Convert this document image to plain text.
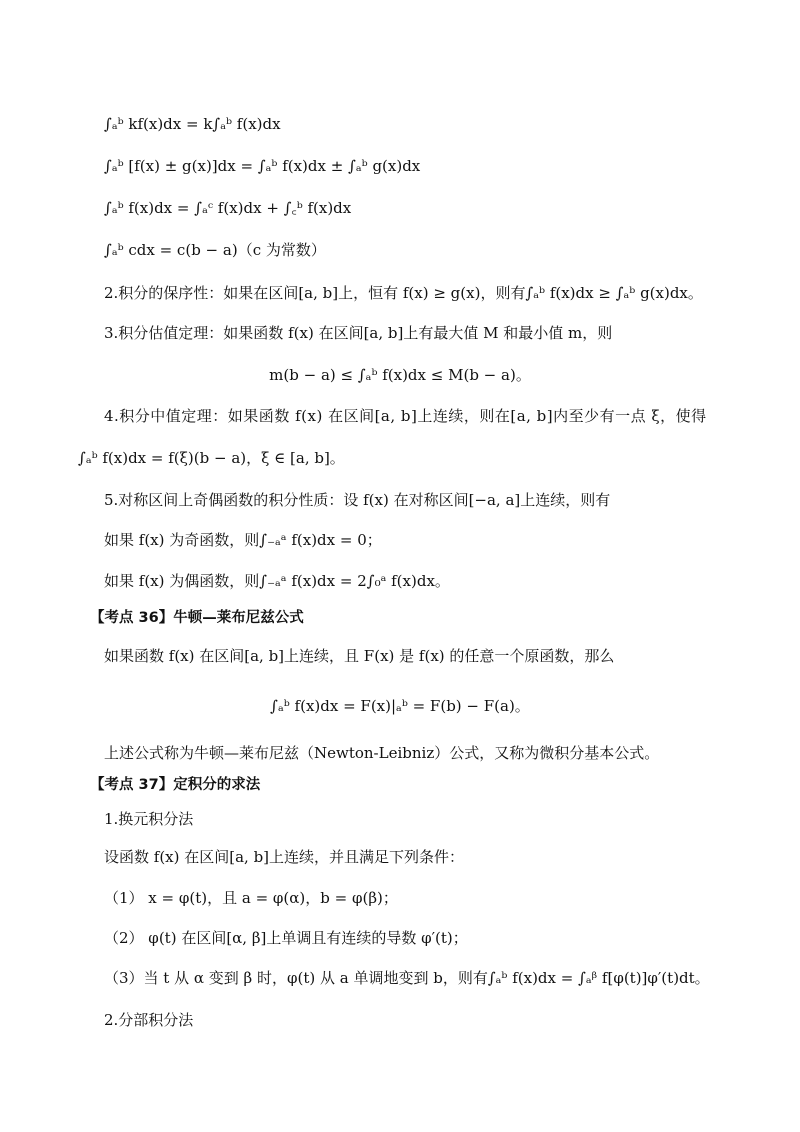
∫ₐᵇ kf(x)dx = k∫ₐᵇ f(x)dx
∫ₐᵇ [f(x) ± g(x)]dx = ∫ₐᵇ f(x)dx ± ∫ₐᵇ g(x)dx
∫ₐᵇ f(x)dx = ∫ₐᶜ f(x)dx + ∫꜀ᵇ f(x)dx
∫ₐᵇ cdx = c(b − a)（c 为常数）
2.积分的保序性：如果在区间[a, b]上，恒有 f(x) ≥ g(x)，则有∫ₐᵇ f(x)dx ≥ ∫ₐᵇ g(x)dx。
3.积分估值定理：如果函数 f(x) 在区间[a, b]上有最大值 M 和最小值 m，则
m(b − a) ≤ ∫ₐᵇ f(x)dx ≤ M(b − a)。
4.积分中值定理：如果函数 f(x) 在区间[a, b]上连续，则在[a, b]内至少有一点 ξ，使得
∫ₐᵇ f(x)dx = f(ξ)(b − a)，ξ ∈ [a, b]。
5.对称区间上奇偶函数的积分性质：设 f(x) 在对称区间[−a, a]上连续，则有
如果 f(x) 为奇函数，则∫₋ₐᵃ f(x)dx = 0；
如果 f(x) 为偶函数，则∫₋ₐᵃ f(x)dx = 2∫₀ᵃ f(x)dx。
【考点 36】牛顿—莱布尼兹公式
如果函数 f(x) 在区间[a, b]上连续，且 F(x) 是 f(x) 的任意一个原函数，那么
∫ₐᵇ f(x)dx = F(x)|ₐᵇ = F(b) − F(a)。
上述公式称为牛顿—莱布尼兹（Newton-Leibniz）公式，又称为微积分基本公式。
【考点 37】定积分的求法
1.换元积分法
设函数 f(x) 在区间[a, b]上连续，并且满足下列条件：
（1） x = φ(t)，且 a = φ(α)，b = φ(β)；
（2） φ(t) 在区间[α, β]上单调且有连续的导数 φ′(t)；
（3）当 t 从 α 变到 β 时，φ(t) 从 a 单调地变到 b，则有∫ₐᵇ f(x)dx = ∫ₐᵝ f[φ(t)]φ′(t)dt。
2.分部积分法
